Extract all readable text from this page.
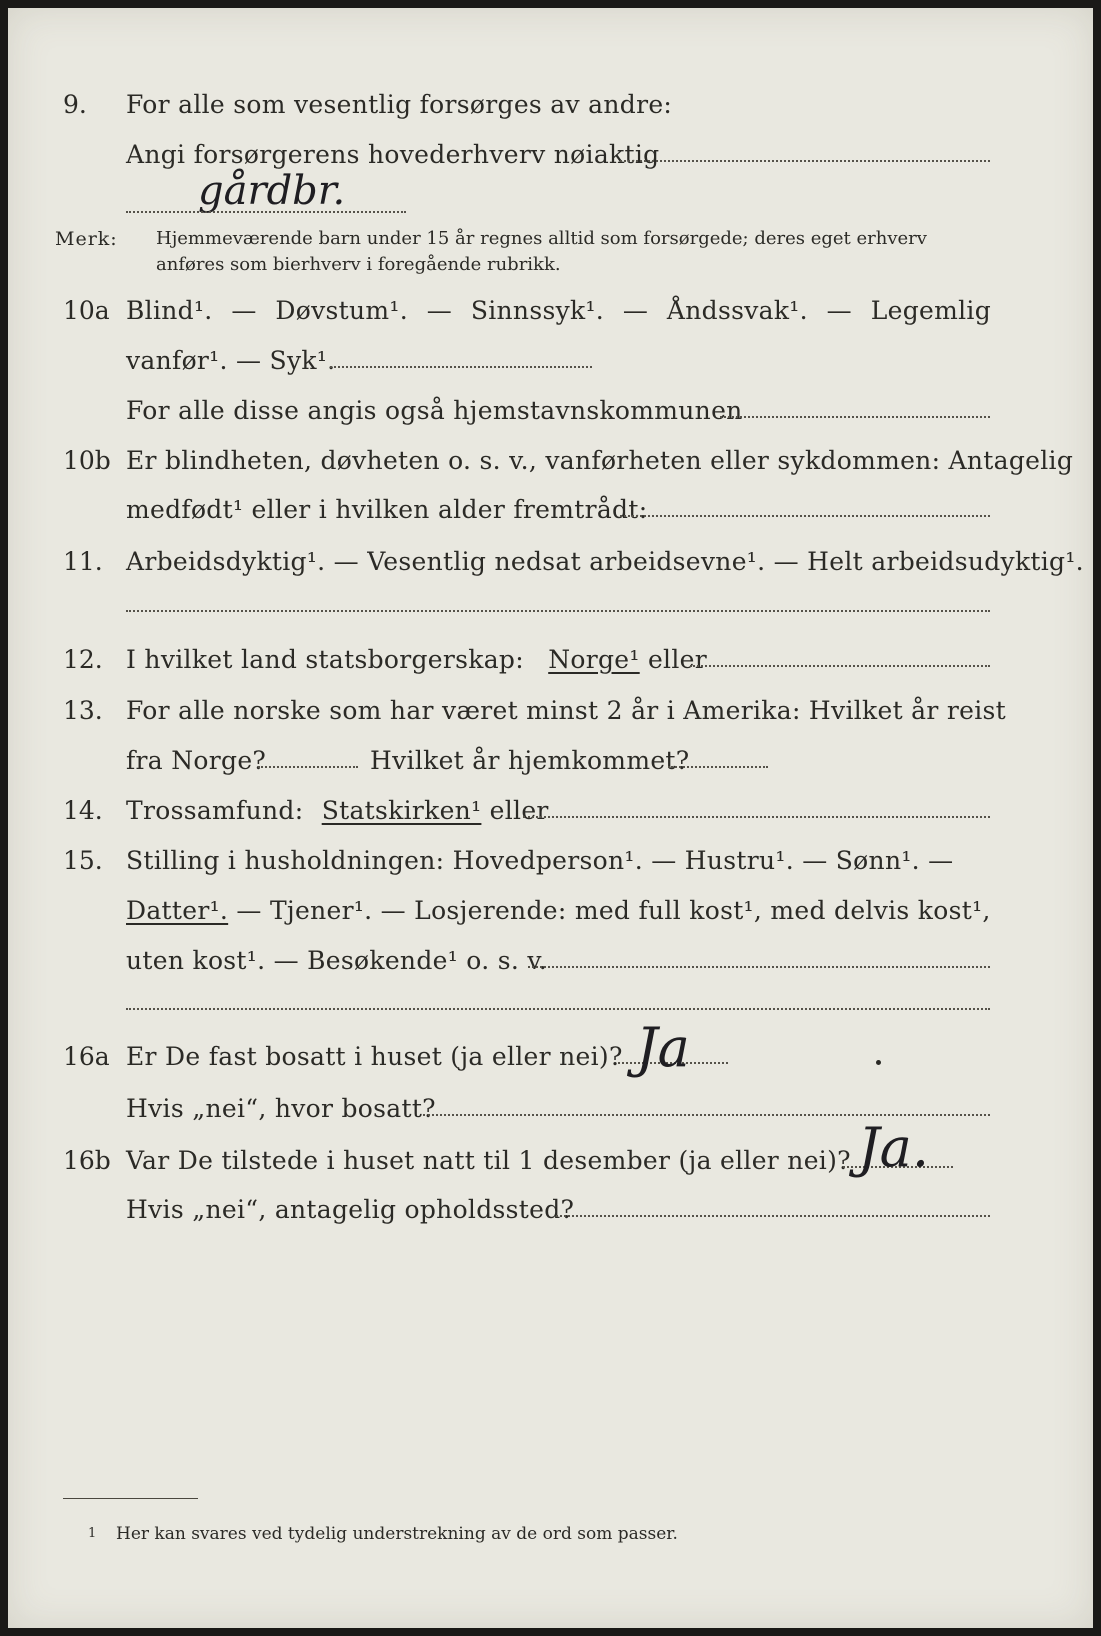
9. For alle som vesentlig forsørges av andre:
Angi forsørgerens hovederhverv nøiaktig
gårdbr.
Merk: Hjemmeværende barn under 15 år regnes alltid som forsørgede; deres eget erhverv
anføres som bierhverv i foregående rubrikk.
10a Blind¹. — Døvstum¹. — Sinnssyk¹. — Åndssvak¹. — Legemlig
vanfør¹. — Syk¹.
For alle disse angis også hjemstavnskommunen
10b Er blindheten, døvheten o. s. v., vanførheten eller sykdommen: Antagelig
medfødt¹ eller i hvilken alder fremtrådt:
11. Arbeidsdyktig¹. — Vesentlig nedsat arbeidsevne¹. — Helt arbeidsudyktig¹.
12. I hvilket land statsborgerskap: Norge¹ eller
13. For alle norske som har været minst 2 år i Amerika: Hvilket år reist
fra Norge?	Hvilket år hjemkommet?
14. Trossamfund: Statskirken¹ eller
15. Stilling i husholdningen: Hovedperson¹. — Hustru¹. — Sønn¹. —
Datter¹. — Tjener¹. — Losjerende: med full kost¹, med delvis kost¹,
uten kost¹. — Besøkende¹ o. s. v.
16a Er De fast bosatt i huset (ja eller nei)? Ja
Hvis „nei“, hvor bosatt?
16b Var De tilstede i huset natt til 1 desember (ja eller nei)? Ja.
Hvis „nei“, antagelig opholdssted?
1 Her kan svares ved tydelig understrekning av de ord som passer.
